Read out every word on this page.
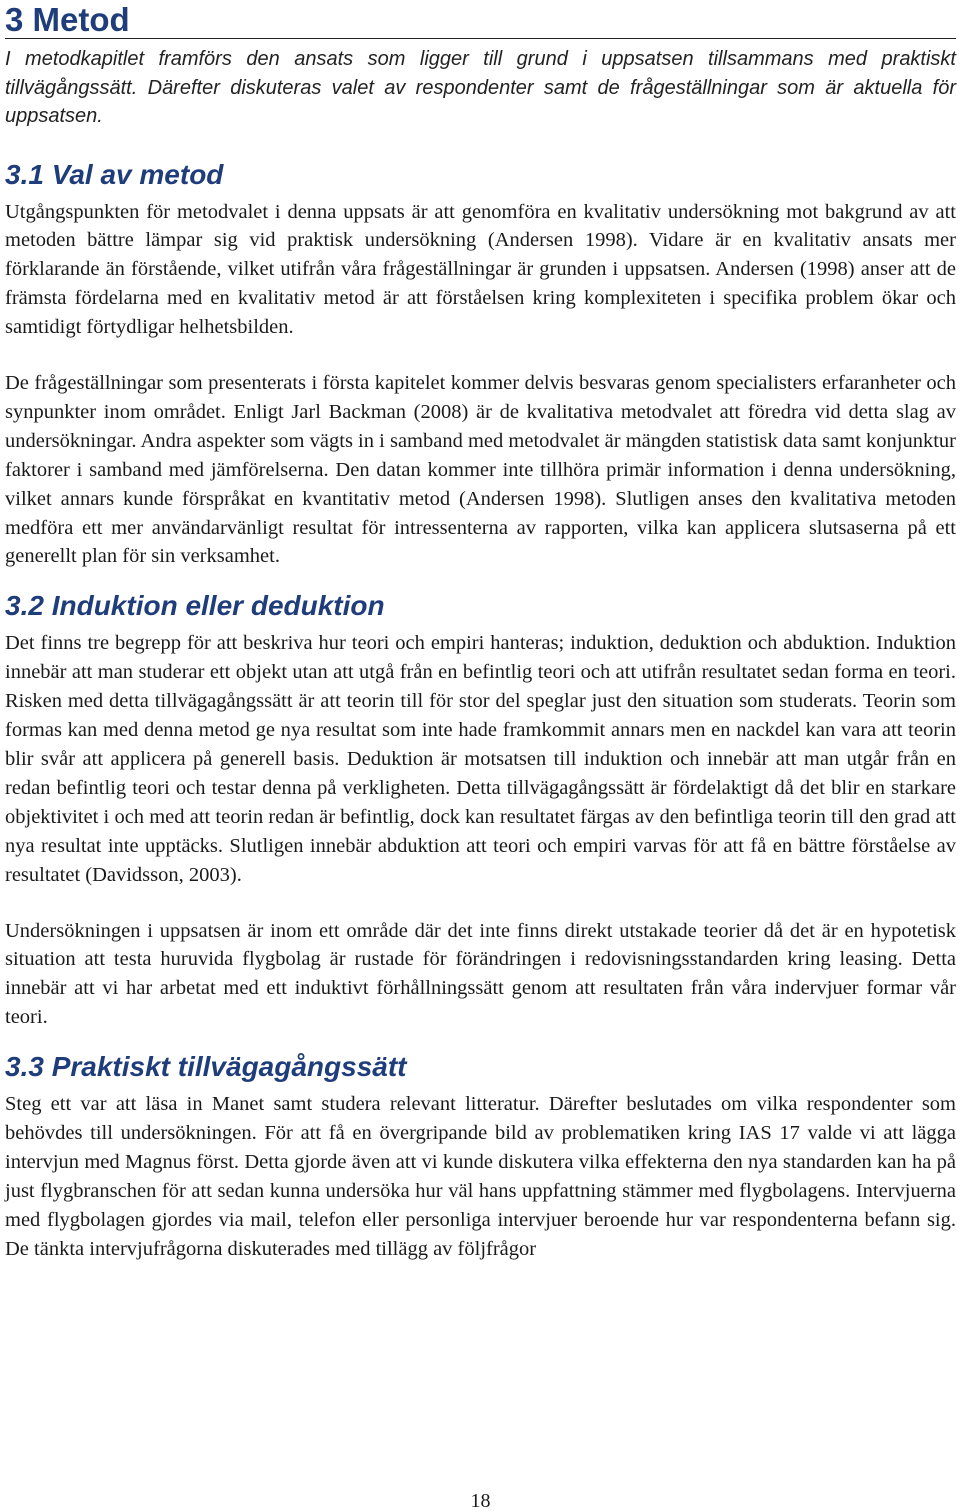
3 Metod

I metodkapitlet framförs den ansats som ligger till grund i uppsatsen tillsammans med praktiskt tillvägångssätt. Därefter diskuteras valet av respondenter samt de frågeställningar som är aktuella för uppsatsen.

3.1 Val av metod

Utgångspunkten för metodvalet i denna uppsats är att genomföra en kvalitativ undersökning mot bakgrund av att metoden bättre lämpar sig vid praktisk undersökning (Andersen 1998). Vidare är en kvalitativ ansats mer förklarande än förstående, vilket utifrån våra frågeställningar är grunden i uppsatsen. Andersen (1998) anser att de främsta fördelarna med en kvalitativ metod är att förståelsen kring komplexiteten i specifika problem ökar och samtidigt förtydligar helhetsbilden.

De frågeställningar som presenterats i första kapitelet kommer delvis besvaras genom specialisters erfaranheter och synpunkter inom området. Enligt Jarl Backman (2008) är de kvalitativa metodvalet att föredra vid detta slag av undersökningar. Andra aspekter som vägts in i samband med metodvalet är mängden statistisk data samt konjunktur faktorer i samband med jämförelserna. Den datan kommer inte tillhöra primär information i denna undersökning, vilket annars kunde förspråkat en kvantitativ metod (Andersen 1998). Slutligen anses den kvalitativa metoden medföra ett mer användarvänligt resultat för intressenterna av rapporten, vilka kan applicera slutsaserna på ett generellt plan för sin verksamhet.

3.2 Induktion eller deduktion

Det finns tre begrepp för att beskriva hur teori och empiri hanteras; induktion, deduktion och abduktion. Induktion innebär att man studerar ett objekt utan att utgå från en befintlig teori och att utifrån resultatet sedan forma en teori. Risken med detta tillvägagångssätt är att teorin till för stor del speglar just den situation som studerats. Teorin som formas kan med denna metod ge nya resultat som inte hade framkommit annars men en nackdel kan vara att teorin blir svår att applicera på generell basis. Deduktion är motsatsen till induktion och innebär att man utgår från en redan befintlig teori och testar denna på verkligheten. Detta tillvägagångssätt är fördelaktigt då det blir en starkare objektivitet i och med att teorin redan är befintlig, dock kan resultatet färgas av den befintliga teorin till den grad att nya resultat inte upptäcks. Slutligen innebär abduktion att teori och empiri varvas för att få en bättre förståelse av resultatet (Davidsson, 2003).

Undersökningen i uppsatsen är inom ett område där det inte finns direkt utstakade teorier då det är en hypotetisk situation att testa huruvida flygbolag är rustade för förändringen i redovisningsstandarden kring leasing. Detta innebär att vi har arbetat med ett induktivt förhållningssätt genom att resultaten från våra indervjuer formar vår teori.

3.3 Praktiskt tillvägagångssätt

Steg ett var att läsa in Manet samt studera relevant litteratur. Därefter beslutades om vilka respondenter som behövdes till undersökningen. För att få en övergripande bild av problematiken kring IAS 17 valde vi att lägga intervjun med Magnus först. Detta gjorde även att vi kunde diskutera vilka effekterna den nya standarden kan ha på just flygbranschen för att sedan kunna undersöka hur väl hans uppfattning stämmer med flygbolagens. Intervjuerna med flygbolagen gjordes via mail, telefon eller personliga intervjuer beroende hur var respondenterna befann sig. De tänkta intervjufrågorna diskuterades med tillägg av följfrågor

18
